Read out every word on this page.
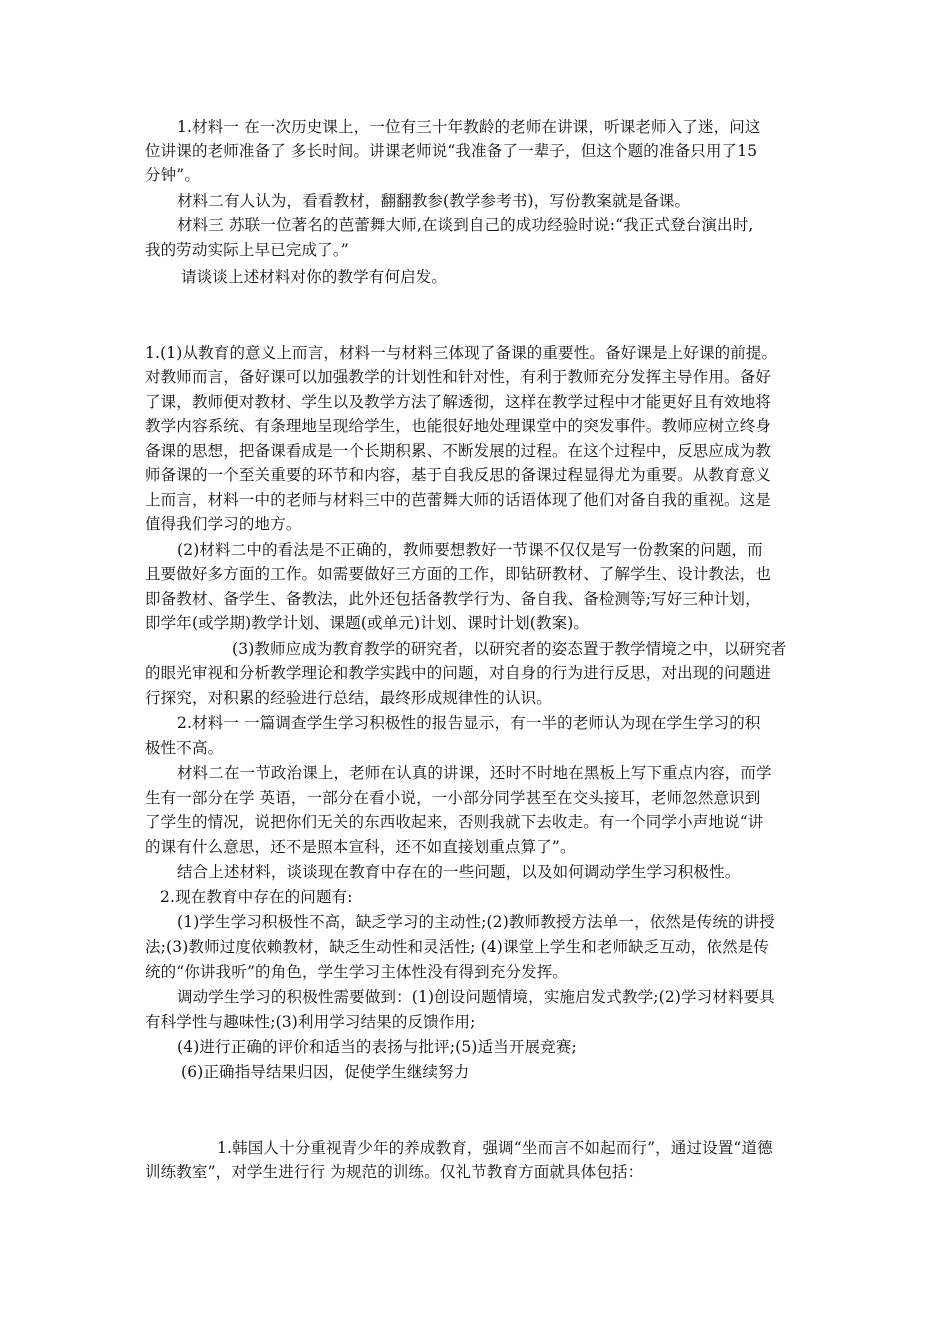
1.材料一 在一次历史课上，一位有三十年教龄的老师在讲课，听课老师入了迷，问这
位讲课的老师准备了 多长时间。讲课老师说“我准备了一辈子，但这个题的准备只用了15
分钟”。
材料二有人认为，看看教材，翻翻教参(教学参考书)，写份教案就是备课。
材料三 苏联一位著名的芭蕾舞大师,在谈到自己的成功经验时说:“我正式登台演出时,
我的劳动实际上早已完成了。”
请谈谈上述材料对你的教学有何启发。
1.(1)从教育的意义上而言，材料一与材料三体现了备课的重要性。备好课是上好课的前提。
对教师而言，备好课可以加强教学的计划性和针对性，有利于教师充分发挥主导作用。备好
了课，教师便对教材、学生以及教学方法了解透彻，这样在教学过程中才能更好且有效地将
教学内容系统、有条理地呈现给学生，也能很好地处理课堂中的突发事件。教师应树立终身
备课的思想，把备课看成是一个长期积累、不断发展的过程。在这个过程中，反思应成为教
师备课的一个至关重要的环节和内容，基于自我反思的备课过程显得尤为重要。从教育意义
上而言，材料一中的老师与材料三中的芭蕾舞大师的话语体现了他们对备自我的重视。这是
值得我们学习的地方。
(2)材料二中的看法是不正确的，教师要想教好一节课不仅仅是写一份教案的问题，而
且要做好多方面的工作。如需要做好三方面的工作，即钻研教材、了解学生、设计教法，也
即备教材、备学生、备教法，此外还包括备教学行为、备自我、备检测等;写好三种计划，
即学年(或学期)教学计划、课题(或单元)计划、课时计划(教案)。
(3)教师应成为教育教学的研究者，以研究者的姿态置于教学情境之中，以研究者
的眼光审视和分析教学理论和教学实践中的问题，对自身的行为进行反思，对出现的问题进
行探究，对积累的经验进行总结，最终形成规律性的认识。
2.材料一 一篇调查学生学习积极性的报告显示，有一半的老师认为现在学生学习的积
极性不高。
材料二在一节政治课上，老师在认真的讲课，还时不时地在黑板上写下重点内容，而学
生有一部分在学 英语，一部分在看小说，一小部分同学甚至在交头接耳，老师忽然意识到
了学生的情况，说把你们无关的东西收起来，否则我就下去收走。有一个同学小声地说“讲
的课有什么意思，还不是照本宣科，还不如直接划重点算了”。
结合上述材料，谈谈现在教育中存在的一些问题，以及如何调动学生学习积极性。
2.现在教育中存在的问题有:
(1)学生学习积极性不高，缺乏学习的主动性;(2)教师教授方法单一，依然是传统的讲授
法;(3)教师过度依赖教材，缺乏生动性和灵活性; (4)课堂上学生和老师缺乏互动，依然是传
统的“你讲我听”的角色，学生学习主体性没有得到充分发挥。
调动学生学习的积极性需要做到：(1)创设问题情境，实施启发式教学;(2)学习材料要具
有科学性与趣味性;(3)利用学习结果的反馈作用;
(4)进行正确的评价和适当的表扬与批评;(5)适当开展竞赛;
(6)正确指导结果归因，促使学生继续努力
1.韩国人十分重视青少年的养成教育，强调“坐而言不如起而行”，通过设置“道德
训练教室”，对学生进行行 为规范的训练。仅礼节教育方面就具体包括：
